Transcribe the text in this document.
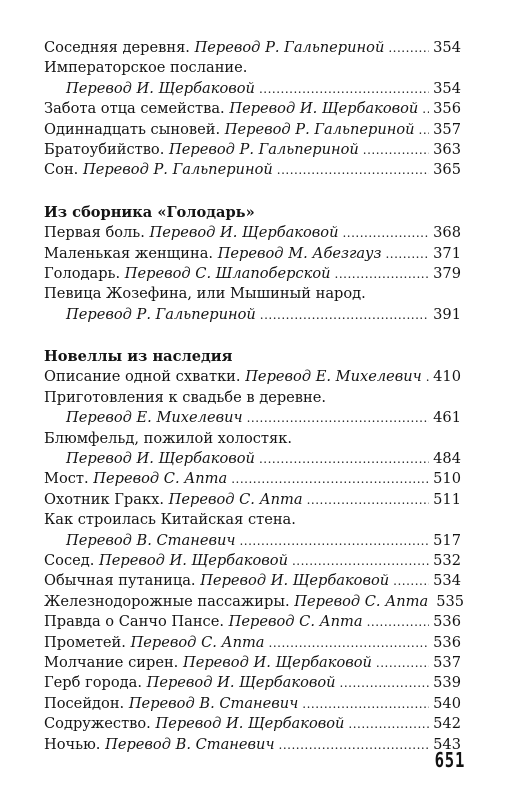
Соседняя деревня.
Перевод Р. Гальпериной .....	354
Императорское послание.
Перевод И. Щербаковой .....	354
Забота отца семейства.
Перевод И. Щербаковой ..... 356
Одиннадцать сыновей.
Перевод Р. Гальпериной ..... 357
Братоубийство.
Перевод Р. Гальпериной .....	363
Сон.
Перевод Р. Гальпериной .....	365
Из сборника «Голодарь»
Первая боль.
Перевод И. Щербаковой .....	368
Маленькая женщина.
Перевод М. Абезгауз .....	371
Голодарь.
Перевод С. Шлапоберской .....	379
Певица Жозефина, или Мышиный народ.
Перевод Р. Гальпериной .....	391
Новеллы из наследия
Описание одной схватки.
Перевод Е. Михелевич ..... 410
Приготовления к свадьбе в деревне.
Перевод Е. Михелевич .....	461
Блюмфельд, пожилой холостяк.
Перевод И. Щербаковой .....	484
Мост.
Перевод С. Апта .....	510
Охотник Гракх.
Перевод С. Апта .....	511
Как строилась Китайская стена.
Перевод В. Станевич .....	517
Сосед.
Перевод И. Щербаковой .....	532
Обычная путаница.
Перевод И. Щербаковой .....	534
Железнодорожные пассажиры.
Перевод С. Апта 535
Правда о Санчо Пансе.
Перевод С. Апта .....	536
Прометей.
Перевод С. Апта .....	536
Молчание сирен.
Перевод И. Щербаковой .....	537
Герб города.
Перевод И. Щербаковой .....	539
Посейдон.
Перевод В. Станевич .....	540
Содружество.
Перевод И. Щербаковой .....	542
Ночью.
Перевод В. Станевич .....	543
651
